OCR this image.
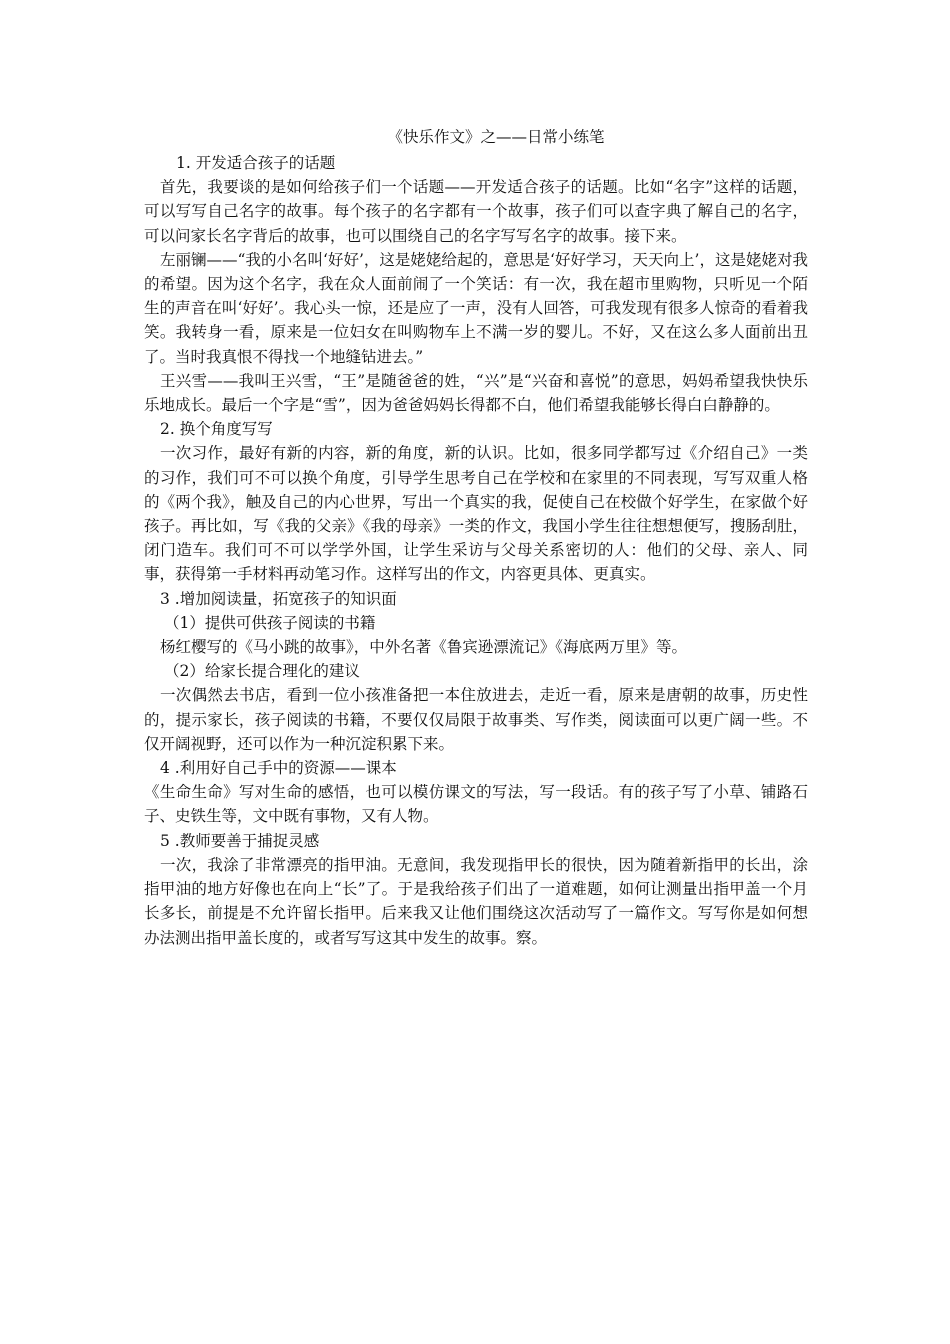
《快乐作文》之——日常小练笔

1. 开发适合孩子的话题

首先，我要谈的是如何给孩子们一个话题——开发适合孩子的话题。比如“名字”这样的话题，可以写写自己名字的故事。每个孩子的名字都有一个故事，孩子们可以查字典了解自己的名字，可以问家长名字背后的故事，也可以围绕自己的名字写写名字的故事。接下来。

左丽镧——“我的小名叫‘好好’，这是姥姥给起的，意思是‘好好学习，天天向上’，这是姥姥对我的希望。因为这个名字，我在众人面前闹了一个笑话：有一次，我在超市里购物，只听见一个陌生的声音在叫‘好好’。我心头一惊，还是应了一声，没有人回答，可我发现有很多人惊奇的看着我笑。我转身一看，原来是一位妇女在叫购物车上不满一岁的婴儿。不好，又在这么多人面前出丑了。当时我真恨不得找一个地缝钻进去。”

王兴雪——我叫王兴雪，“王”是随爸爸的姓，“兴”是“兴奋和喜悦”的意思，妈妈希望我快快乐乐地成长。最后一个字是“雪”，因为爸爸妈妈长得都不白，他们希望我能够长得白白静静的。

2. 换个角度写写

一次习作，最好有新的内容，新的角度，新的认识。比如，很多同学都写过《介绍自己》一类的习作，我们可不可以换个角度，引导学生思考自己在学校和在家里的不同表现，写写双重人格的《两个我》，触及自己的内心世界，写出一个真实的我，促使自己在校做个好学生，在家做个好孩子。再比如，写《我的父亲》《我的母亲》一类的作文，我国小学生往往想想便写，搜肠刮肚，闭门造车。我们可不可以学学外国，让学生采访与父母关系密切的人：他们的父母、亲人、同事，获得第一手材料再动笔习作。这样写出的作文，内容更具体、更真实。

3 .增加阅读量，拓宽孩子的知识面

（1）提供可供孩子阅读的书籍

杨红樱写的《马小跳的故事》，中外名著《鲁宾逊漂流记》《海底两万里》等。

（2）给家长提合理化的建议

一次偶然去书店，看到一位小孩准备把一本住放进去，走近一看，原来是唐朝的故事，历史性的，提示家长，孩子阅读的书籍，不要仅仅局限于故事类、写作类，阅读面可以更广阔一些。不仅开阔视野，还可以作为一种沉淀积累下来。

4 .利用好自己手中的资源——课本

《生命生命》写对生命的感悟，也可以模仿课文的写法，写一段话。有的孩子写了小草、铺路石子、史铁生等，文中既有事物，又有人物。

5 .教师要善于捕捉灵感

一次，我涂了非常漂亮的指甲油。无意间，我发现指甲长的很快，因为随着新指甲的长出，涂指甲油的地方好像也在向上“长”了。于是我给孩子们出了一道难题，如何让测量出指甲盖一个月长多长，前提是不允许留长指甲。后来我又让他们围绕这次活动写了一篇作文。写写你是如何想办法测出指甲盖长度的，或者写写这其中发生的故事。察。
